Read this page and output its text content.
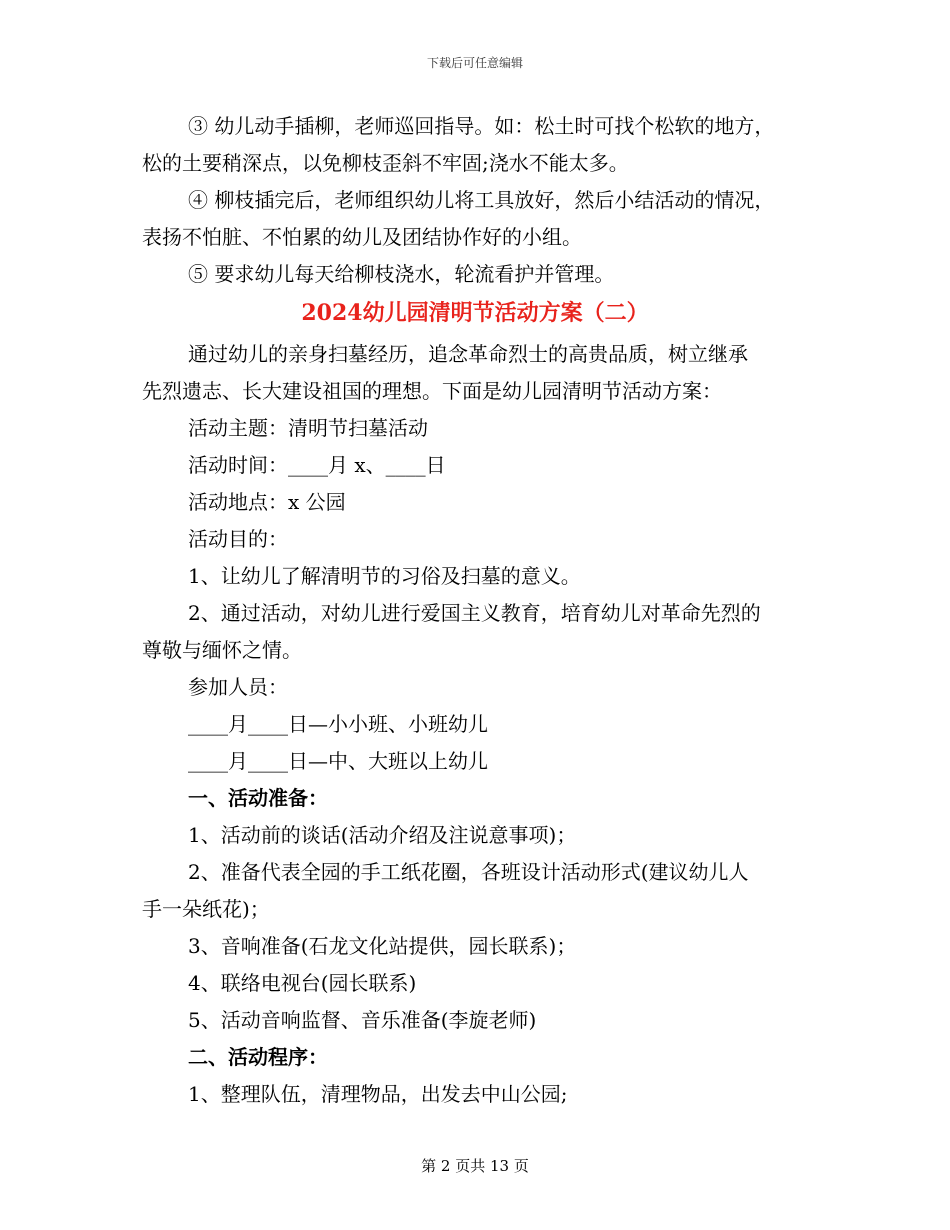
下载后可任意编辑
③ 幼儿动手插柳，老师巡回指导。如：松土时可找个松软的地方，
松的土要稍深点，以免柳枝歪斜不牢固;浇水不能太多。
④ 柳枝插完后，老师组织幼儿将工具放好，然后小结活动的情况，
表扬不怕脏、不怕累的幼儿及团结协作好的小组。
⑤ 要求幼儿每天给柳枝浇水，轮流看护并管理。
2024幼儿园清明节活动方案（二）
通过幼儿的亲身扫墓经历，追念革命烈士的高贵品质，树立继承
先烈遗志、长大建设祖国的理想。下面是幼儿园清明节活动方案：
活动主题：清明节扫墓活动
活动时间：____月 x、____日
活动地点：x 公园
活动目的：
1、让幼儿了解清明节的习俗及扫墓的意义。
2、通过活动，对幼儿进行爱国主义教育，培育幼儿对革命先烈的
尊敬与缅怀之情。
参加人员：
____月____日—小小班、小班幼儿
____月____日—中、大班以上幼儿
一、活动准备：
1、活动前的谈话(活动介绍及注说意事项)；
2、准备代表全园的手工纸花圈，各班设计活动形式(建议幼儿人
手一朵纸花)；
3、音响准备(石龙文化站提供，园长联系)；
4、联络电视台(园长联系)
5、活动音响监督、音乐准备(李旋老师)
二、活动程序：
1、整理队伍，清理物品，出发去中山公园;
第 2 页共 13 页
